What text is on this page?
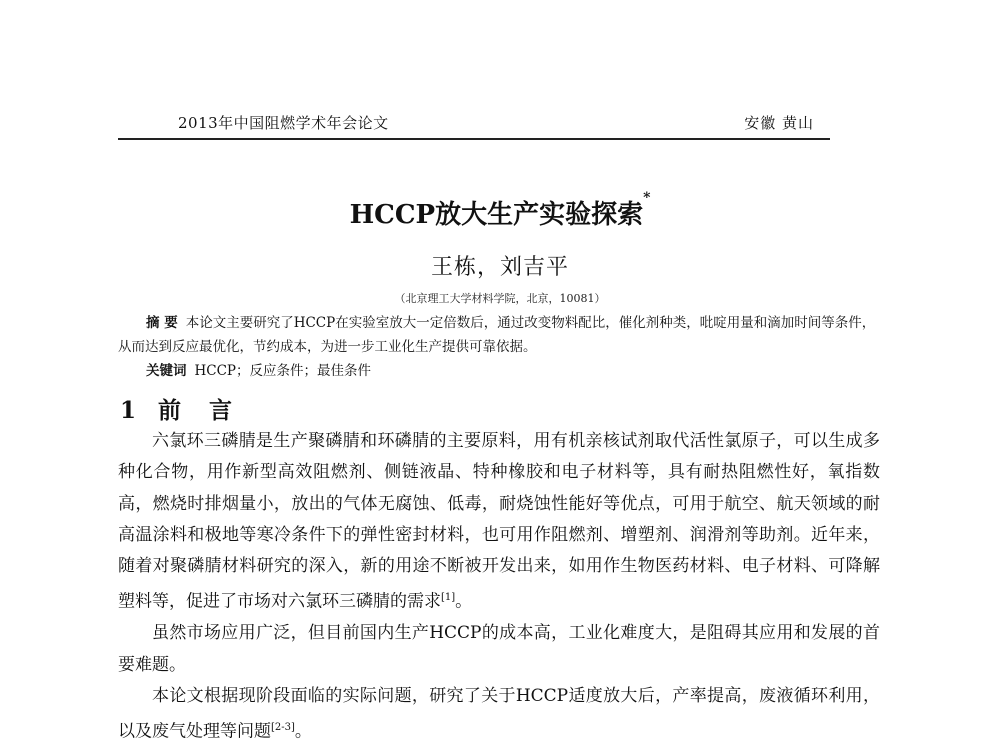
2013年中国阻燃学术年会论文	安徽 黄山
HCCP放大生产实验探索*
王栋，刘吉平
（北京理工大学材料学院，北京，10081）
摘 要 本论文主要研究了HCCP在实验室放大一定倍数后，通过改变物料配比，催化剂种类，吡啶用量和滴加时间等条件，从而达到反应最优化，节约成本，为进一步工业化生产提供可靠依据。
关键词 HCCP；反应条件；最佳条件
1 前 言

六氯环三磷腈是生产聚磷腈和环磷腈的主要原料，用有机亲核试剂取代活性氯原子，可以生成多种化合物，用作新型高效阻燃剂、侧链液晶、特种橡胶和电子材料等，具有耐热阻燃性好，氧指数高，燃烧时排烟量小，放出的气体无腐蚀、低毒，耐烧蚀性能好等优点，可用于航空、航天领域的耐高温涂料和极地等寒冷条件下的弹性密封材料，也可用作阻燃剂、增塑剂、润滑剂等助剂。近年来，随着对聚磷腈材料研究的深入，新的用途不断被开发出来，如用作生物医药材料、电子材料、可降解塑料等，促进了市场对六氯环三磷腈的需求[1]。

虽然市场应用广泛，但目前国内生产HCCP的成本高，工业化难度大，是阻碍其应用和发展的首要难题。

本论文根据现阶段面临的实际问题，研究了关于HCCP适度放大后，产率提高，废液循环利用，以及废气处理等问题[2-3]。
